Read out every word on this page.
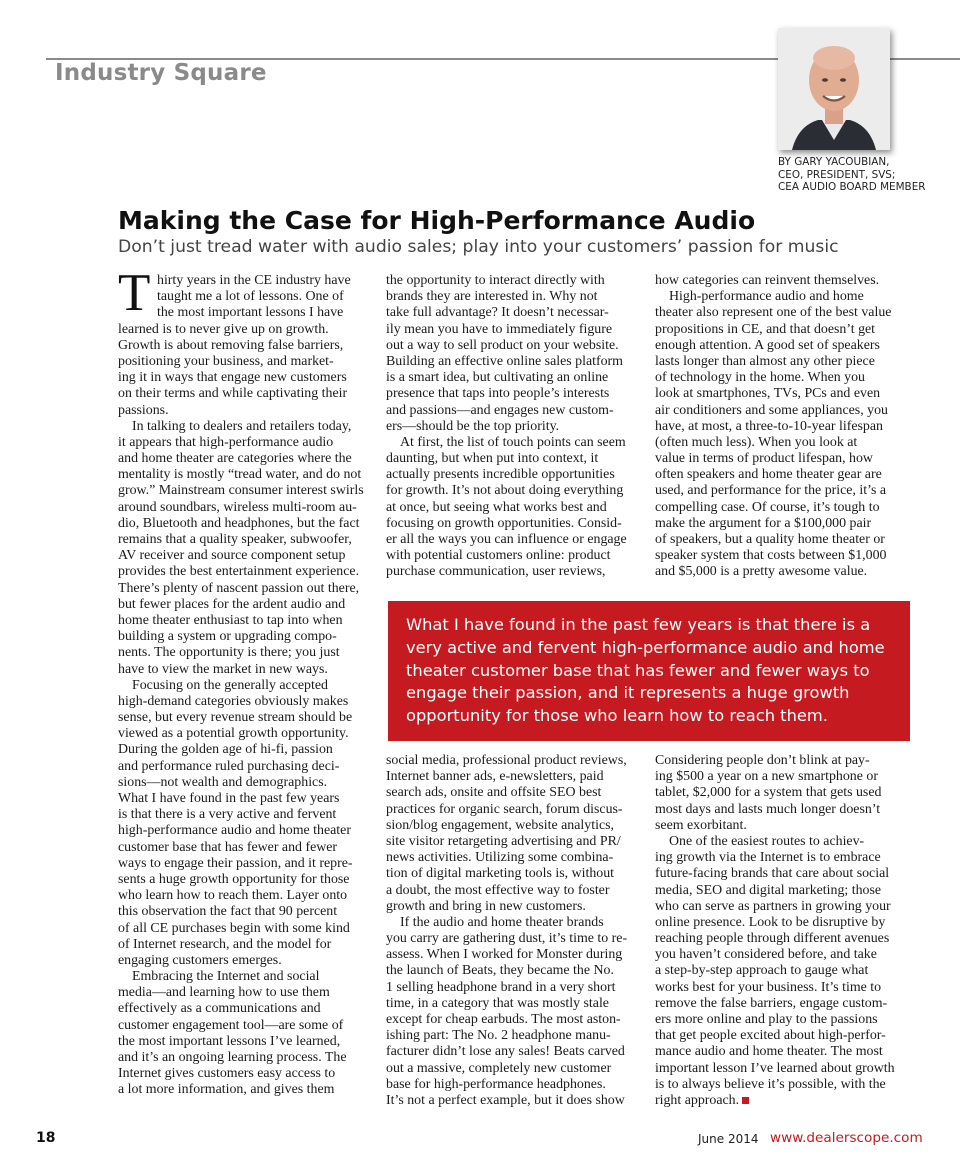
Industry Square
BY GARY YACOUBIAN,
CEO, PRESIDENT, SVS;
CEA AUDIO BOARD MEMBER
Making the Case for High-Performance Audio
Don’t just tread water with audio sales; play into your customers’ passion for music
T hirty years in the CE industry have
taught me a lot of lessons. One of
the most important lessons I have
learned is to never give up on growth.
Growth is about removing false barriers,
positioning your business, and market-
ing it in ways that engage new customers
on their terms and while captivating their
passions.
In talking to dealers and retailers today,
it appears that high-performance audio
and home theater are categories where the
mentality is mostly “tread water, and do not
grow.” Mainstream consumer interest swirls
around soundbars, wireless multi-room au-
dio, Bluetooth and headphones, but the fact
remains that a quality speaker, subwoofer,
AV receiver and source component setup
provides the best entertainment experience.
There’s plenty of nascent passion out there,
but fewer places for the ardent audio and
home theater enthusiast to tap into when
building a system or upgrading compo-
nents. The opportunity is there; you just
have to view the market in new ways.
Focusing on the generally accepted
high-demand categories obviously makes
sense, but every revenue stream should be
viewed as a potential growth opportunity.
During the golden age of hi-fi, passion
and performance ruled purchasing deci-
sions—not wealth and demographics.
What I have found in the past few years
is that there is a very active and fervent
high-performance audio and home theater
customer base that has fewer and fewer
ways to engage their passion, and it repre-
sents a huge growth opportunity for those
who learn how to reach them. Layer onto
this observation the fact that 90 percent
of all CE purchases begin with some kind
of Internet research, and the model for
engaging customers emerges.
Embracing the Internet and social
media—and learning how to use them
effectively as a communications and
customer engagement tool—are some of
the most important lessons I’ve learned,
and it’s an ongoing learning process. The
Internet gives customers easy access to
a lot more information, and gives them
the opportunity to interact directly with
brands they are interested in. Why not
take full advantage? It doesn’t necessar-
ily mean you have to immediately figure
out a way to sell product on your website.
Building an effective online sales platform
is a smart idea, but cultivating an online
presence that taps into people’s interests
and passions—and engages new custom-
ers—should be the top priority.
At first, the list of touch points can seem
daunting, but when put into context, it
actually presents incredible opportunities
for growth. It’s not about doing everything
at once, but seeing what works best and
focusing on growth opportunities. Consid-
er all the ways you can influence or engage
with potential customers online: product
purchase communication, user reviews,
how categories can reinvent themselves.
High-performance audio and home
theater also represent one of the best value
propositions in CE, and that doesn’t get
enough attention. A good set of speakers
lasts longer than almost any other piece
of technology in the home. When you
look at smartphones, TVs, PCs and even
air conditioners and some appliances, you
have, at most, a three-to-10-year lifespan
(often much less). When you look at
value in terms of product lifespan, how
often speakers and home theater gear are
used, and performance for the price, it’s a
compelling case. Of course, it’s tough to
make the argument for a $100,000 pair
of speakers, but a quality home theater or
speaker system that costs between $1,000
and $5,000 is a pretty awesome value.
What I have found in the past few years is that there is a
very active and fervent high-performance audio and home
theater customer base that has fewer and fewer ways to
engage their passion, and it represents a huge growth
opportunity for those who learn how to reach them.
social media, professional product reviews,
Internet banner ads, e-newsletters, paid
search ads, onsite and offsite SEO best
practices for organic search, forum discus-
sion/blog engagement, website analytics,
site visitor retargeting advertising and PR/
news activities. Utilizing some combina-
tion of digital marketing tools is, without
a doubt, the most effective way to foster
growth and bring in new customers.
If the audio and home theater brands
you carry are gathering dust, it’s time to re-
assess. When I worked for Monster during
the launch of Beats, they became the No.
1 selling headphone brand in a very short
time, in a category that was mostly stale
except for cheap earbuds. The most aston-
ishing part: The No. 2 headphone manu-
facturer didn’t lose any sales! Beats carved
out a massive, completely new customer
base for high-performance headphones.
It’s not a perfect example, but it does show
Considering people don’t blink at pay-
ing $500 a year on a new smartphone or
tablet, $2,000 for a system that gets used
most days and lasts much longer doesn’t
seem exorbitant.
One of the easiest routes to achiev-
ing growth via the Internet is to embrace
future-facing brands that care about social
media, SEO and digital marketing; those
who can serve as partners in growing your
online presence. Look to be disruptive by
reaching people through different avenues
you haven’t considered before, and take
a step-by-step approach to gauge what
works best for your business. It’s time to
remove the false barriers, engage custom-
ers more online and play to the passions
that get people excited about high-perfor-
mance audio and home theater. The most
important lesson I’ve learned about growth
is to always believe it’s possible, with the
right approach.
18	June 2014 www.dealerscope.com
